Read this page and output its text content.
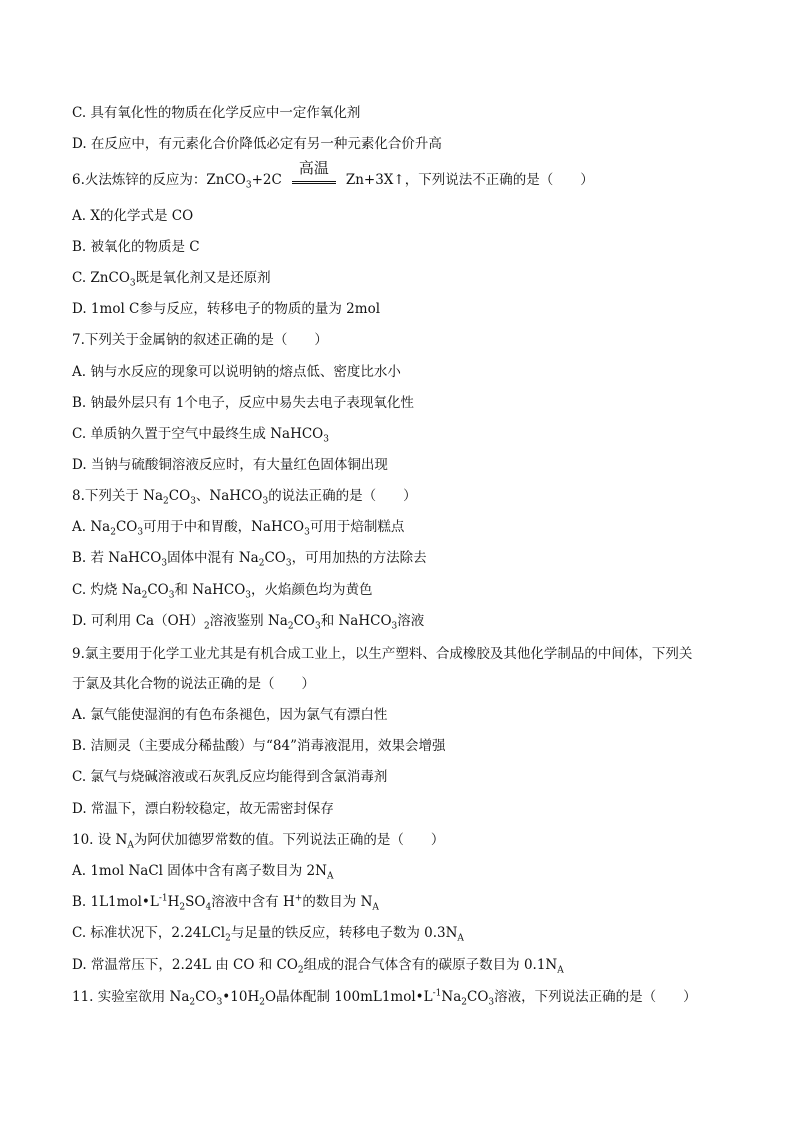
C. 具有氧化性的物质在化学反应中一定作氧化剂
D. 在反应中，有元素化合价降低必定有另一种元素化合价升高
6.火法炼锌的反应为：ZnCO$_3$+2C
高温
Zn+3X↑，下列说法不正确的是（　　）
A. X的化学式是 CO
B. 被氧化的物质是 C
C. ZnCO$_3$既是氧化剂又是还原剂
D. 1mol C参与反应，转移电子的物质的量为 2mol
7.下列关于金属钠的叙述正确的是（　　）
A. 钠与水反应的现象可以说明钠的熔点低、密度比水小
B. 钠最外层只有 1个电子，反应中易失去电子表现氧化性
C. 单质钠久置于空气中最终生成 NaHCO$_3$
D. 当钠与硫酸铜溶液反应时，有大量红色固体铜出现
8.下列关于 $Na_2CO_3$、NaHCO$_3$的说法正确的是（　　）
A. $Na_2CO_3$可用于中和胃酸，NaHCO$_3$可用于焙制糕点
B. 若 NaHCO$_3$固体中混有 $Na_2CO_3$，可用加热的方法除去
C. 灼烧 $Na_2CO_3$和 NaHCO$_3$，火焰颜色均为黄色
D. 可利用 $Ca(OH)_2$溶液鉴别 $Na_2CO_3$和 NaHCO$_3$溶液
9.氯主要用于化学工业尤其是有机合成工业上，以生产塑料、合成橡胶及其他化学制品的中间体，下列关
于氯及其化合物的说法正确的是（　　）
A. 氯气能使湿润的有色布条褪色，因为氯气有漂白性
B. 洁厕灵（主要成分稀盐酸）与“84”消毒液混用，效果会增强
C. 氯气与烧碱溶液或石灰乳反应均能得到含氯消毒剂
D. 常温下，漂白粉较稳定，故无需密封保存
10. 设 $N_A$为阿伏加德罗常数的值。下列说法正确的是（　　）
A. 1mol NaCl 固体中含有离子数目为 $2N_A$
B. $1L1mol•L^{-1}H_2SO_4$溶液中含有 H+的数目为 $N_A$
C. 标准状况下，2.24LCl$_2$与足量的铁反应，转移电子数为 $0.3N_A$
D. 常温常压下，2.24L 由 CO 和 $CO_2$组成的混合气体含有的碳原子数目为 $0.1N_A$
11. 实验室欲用 $Na_2CO_3•10H_2O$晶体配制 $100mL1mol•L^{-1}Na_2CO_3$溶液，下列说法正确的是（　　）
